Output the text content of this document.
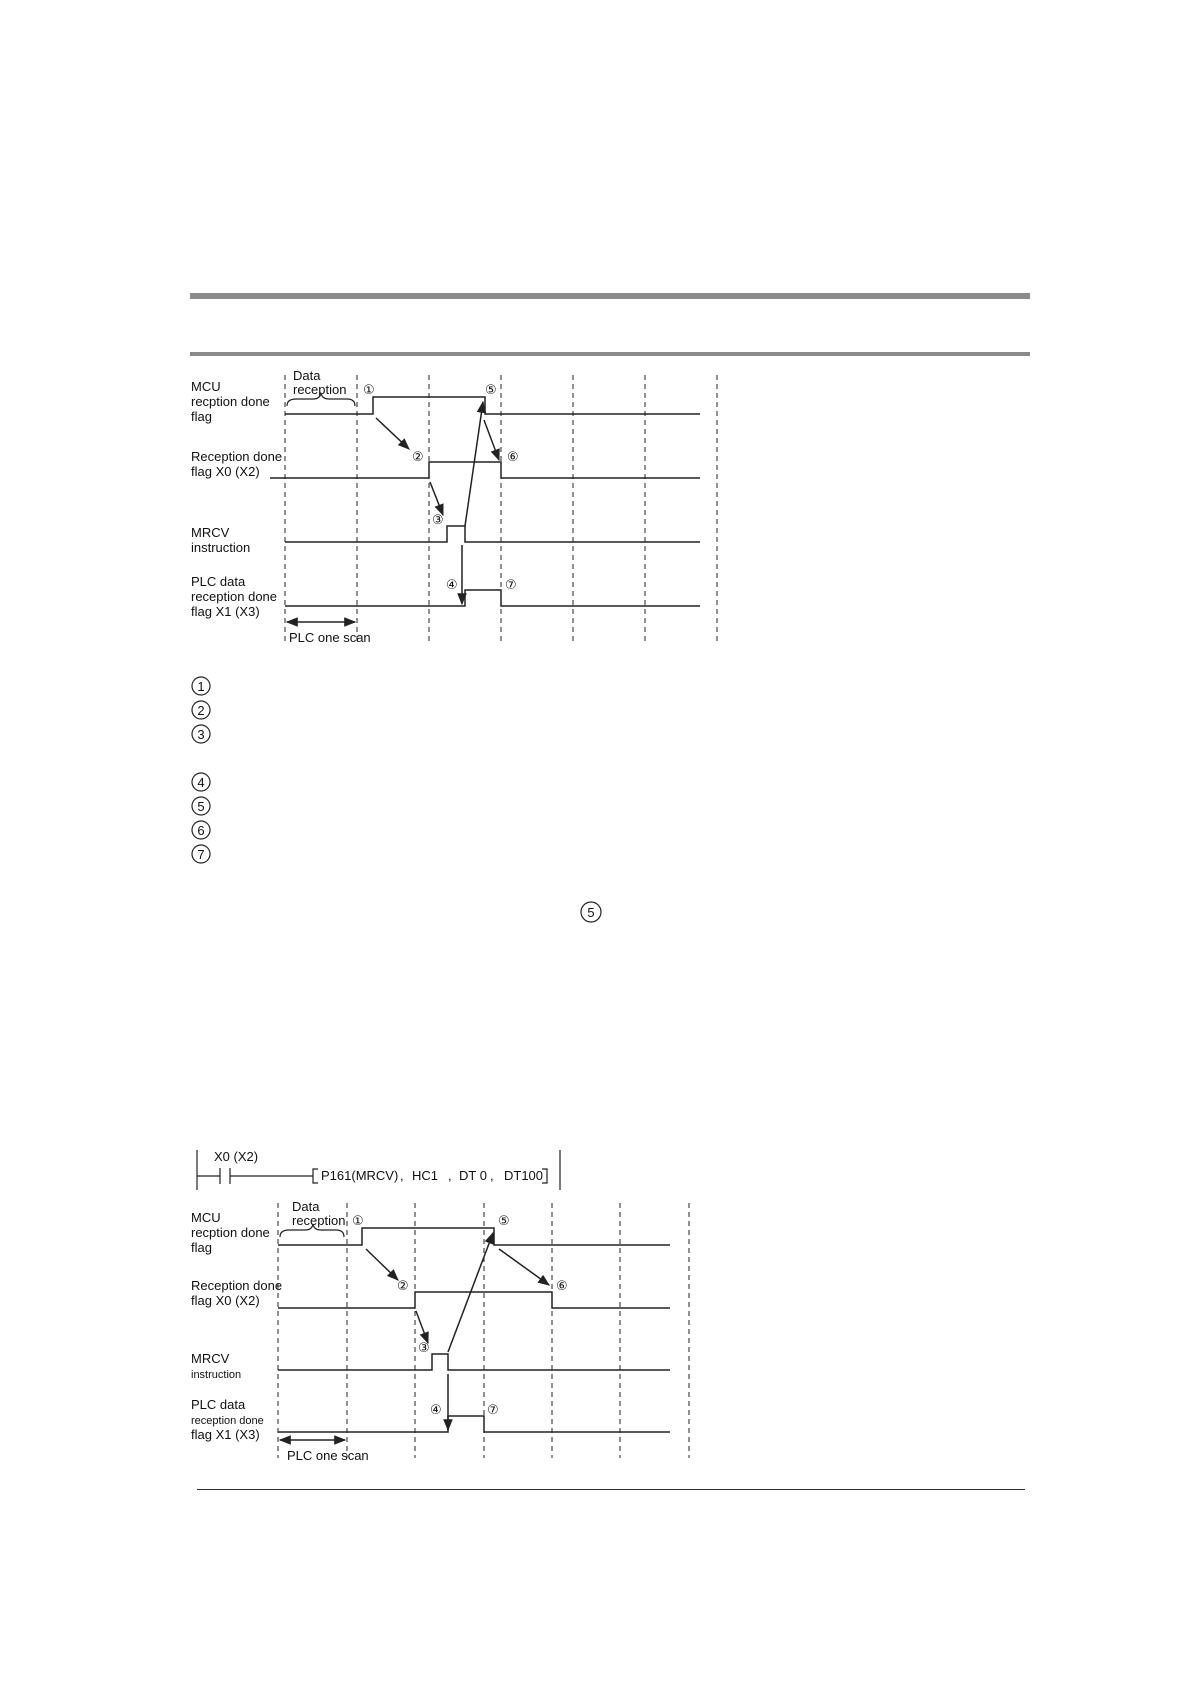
MCU recption done flag
Reception done flag X0 (X2)
MRCV instruction
PLC data reception done flag X1 (X3)
Data reception ①
②
③
④
⑤
⑥
⑦
PLC one scan
1
2
3
4
5
6
7
5
X0 (X2)
P161(MRCV) , HC1 , DT 0 , DT100
MCU recption done flag
Reception done flag X0 (X2)
MRCV instruction
PLC data reception done flag X1 (X3)
Data reception ①
②
③
④
⑤
⑥
⑦
PLC one scan
